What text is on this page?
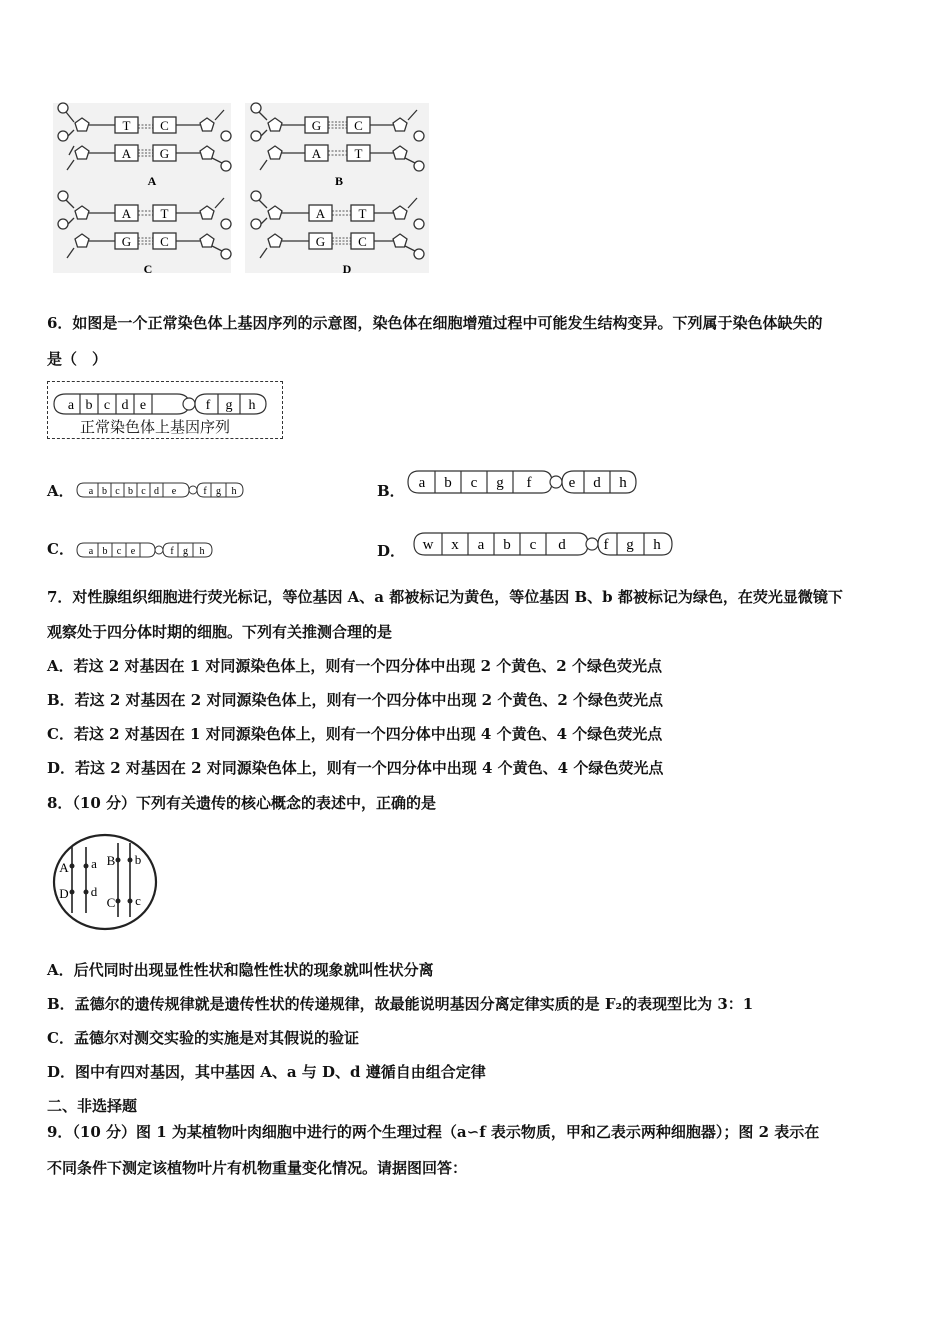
T C
A G
A
G	C
A	T
B
A T
G C
C
A	T
G	C
D
6．如图是一个正常染色体上基因序列的示意图，染色体在细胞增殖过程中可能发生结构变异。下列属于染色体缺失的
是（　）
a b c d e	f g h
正常染色体上基因序列
A． a b c b c d e	f g h	B． a b c g f e d h
C． a b c e	f g h	D． w x a b c d	f g h
7．对性腺组织细胞进行荧光标记，等位基因 A、a 都被标记为黄色，等位基因 B、b 都被标记为绿色，在荧光显微镜下
观察处于四分体时期的细胞。下列有关推测合理的是
A．若这 2 对基因在 1 对同源染色体上，则有一个四分体中出现 2 个黄色、2 个绿色荧光点
B．若这 2 对基因在 2 对同源染色体上，则有一个四分体中出现 2 个黄色、2 个绿色荧光点
C．若这 2 对基因在 1 对同源染色体上，则有一个四分体中出现 4 个黄色、4 个绿色荧光点
D．若这 2 对基因在 2 对同源染色体上，则有一个四分体中出现 4 个黄色、4 个绿色荧光点
8．（10 分）下列有关遗传的核心概念的表述中，正确的是
A a
D d
B b
C c
A．后代同时出现显性性状和隐性性状的现象就叫性状分离
B．孟德尔的遗传规律就是遗传性状的传递规律，故最能说明基因分离定律实质的是 F₂的表现型比为 3：1
C．孟德尔对测交实验的实施是对其假说的验证
D．图中有四对基因，其中基因 A、a 与 D、d 遵循自由组合定律
二、非选择题
9．（10 分）图 1 为某植物叶肉细胞中进行的两个生理过程（a∽f 表示物质，甲和乙表示两种细胞器）；图 2 表示在
不同条件下测定该植物叶片有机物重量变化情况。请据图回答：
